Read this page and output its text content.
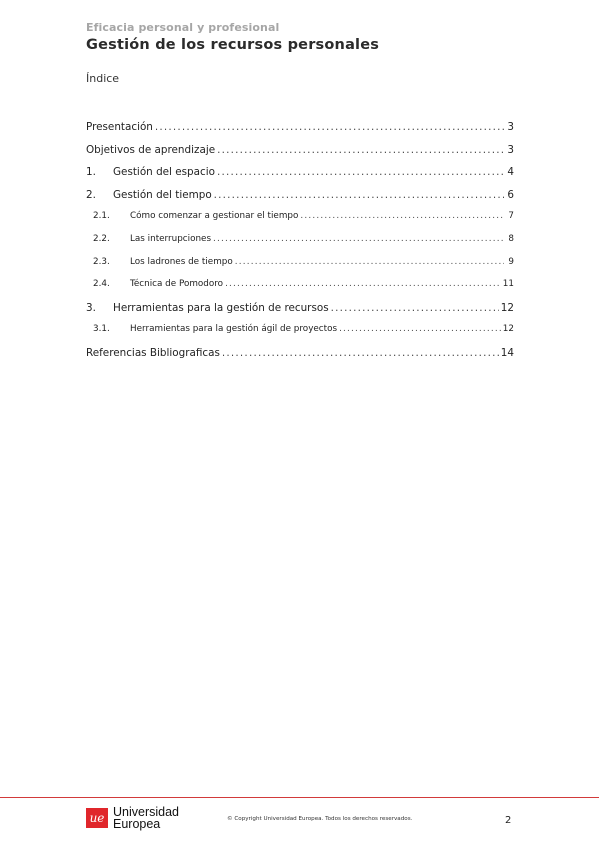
Eficacia personal y profesional
Gestión de los recursos personales
Índice
Presentación .....	3
Objetivos de aprendizaje .....	3
1.	Gestión del espacio .....	4
2.	Gestión del tiempo .....	6
2.1.	Cómo comenzar a gestionar el tiempo .....	7
2.2.	Las interrupciones .....	8
2.3.	Los ladrones de tiempo .....	9
2.4.	Técnica de Pomodoro .....	11
3.	Herramientas para la gestión de recursos .....	12
3.1.	Herramientas para la gestión ágil de proyectos .....	12
Referencias Bibliograficas .....	14
ue Universidad
Europea	© Copyright Universidad Europea. Todos los derechos reservados.	2
